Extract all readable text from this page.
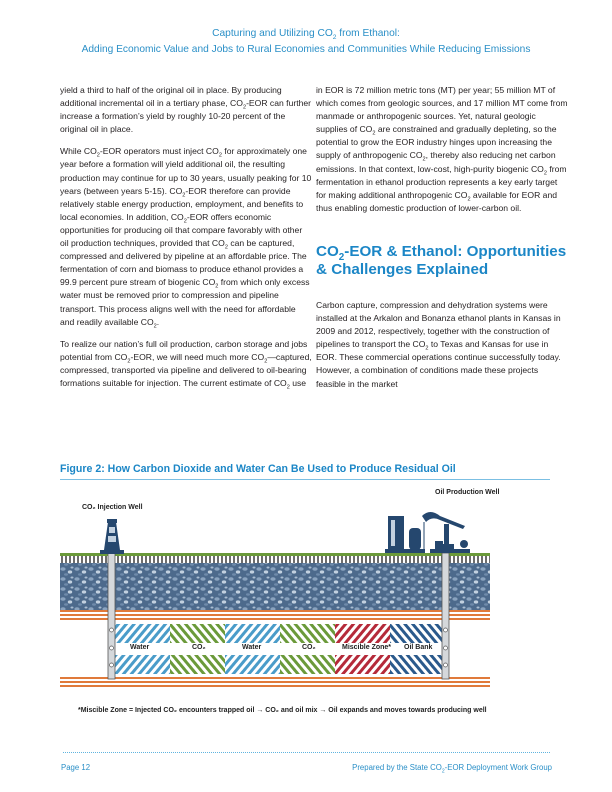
Capturing and Utilizing $CO_2$ from Ethanol:
Adding Economic Value and Jobs to Rural Economies and Communities While Reducing Emissions

yield a third to half of the original oil in place. By producing additional incremental oil in a tertiary phase, $CO_2$-EOR can further increase a formation’s yield by roughly 10-20 percent of the original oil in place.

While $CO_2$-EOR operators must inject $CO_2$ for approximately one year before a formation will yield additional oil, the resulting production may continue for up to 30 years, usually peaking for 10 years (between years 5-15). $CO_2$-EOR therefore can provide relatively stable energy production, employment, and benefits to local economies. In addition, $CO_2$-EOR offers economic opportunities for producing oil that compare favorably with other oil production techniques, provided that $CO_2$ can be captured, compressed and delivered by pipeline at an affordable price. The fermentation of corn and biomass to produce ethanol provides a 99.9 percent pure stream of biogenic $CO_2$ from which only excess water must be removed prior to compression and pipeline transport. This process aligns well with the need for affordable and readily available $CO_2$.

To realize our nation’s full oil production, carbon storage and jobs potential from $CO_2$-EOR, we will need much more $CO_2—captured$, compressed, transported via pipeline and delivered to oil-bearing formations suitable for injection. The current estimate of $CO_2$ use

in EOR is 72 million metric tons (MT) per year; 55 million MT of which comes from geologic sources, and 17 million MT come from manmade or anthropogenic sources. Yet, natural geologic supplies of $CO_2$ are constrained and gradually depleting, so the potential to grow the EOR industry hinges upon increasing the supply of anthropogenic $CO_2$, thereby also reducing net carbon emissions. In that context, low-cost, high-purity biogenic $CO_2$ from fermentation in ethanol production represents a key early target for making additional anthropogenic $CO_2$ available for EOR and thus enabling domestic production of lower-carbon oil.

$CO_2$-EOR & Ethanol: Opportunities & Challenges Explained

Carbon capture, compression and dehydration systems were installed at the Arkalon and Bonanza ethanol plants in Kansas in 2009 and 2012, respectively, together with the construction of pipelines to transport the $CO_2$ to Texas and Kansas for use in EOR. These commercial operations continue successfully today. However, a combination of conditions made these projects feasible in the market

Figure 2: How Carbon Dioxide and Water Can Be Used to Produce Residual Oil
CO₂ Injection Well
Oil Production Well
Water	CO₂	Water	CO₂	Miscible Zone* Oil Bank
*Miscible Zone = Injected CO₂ encounters trapped oil → CO₂ and oil mix → Oil expands and moves towards producing well
Page 12	Prepared by the State $CO_2$-EOR Deployment Work Group
